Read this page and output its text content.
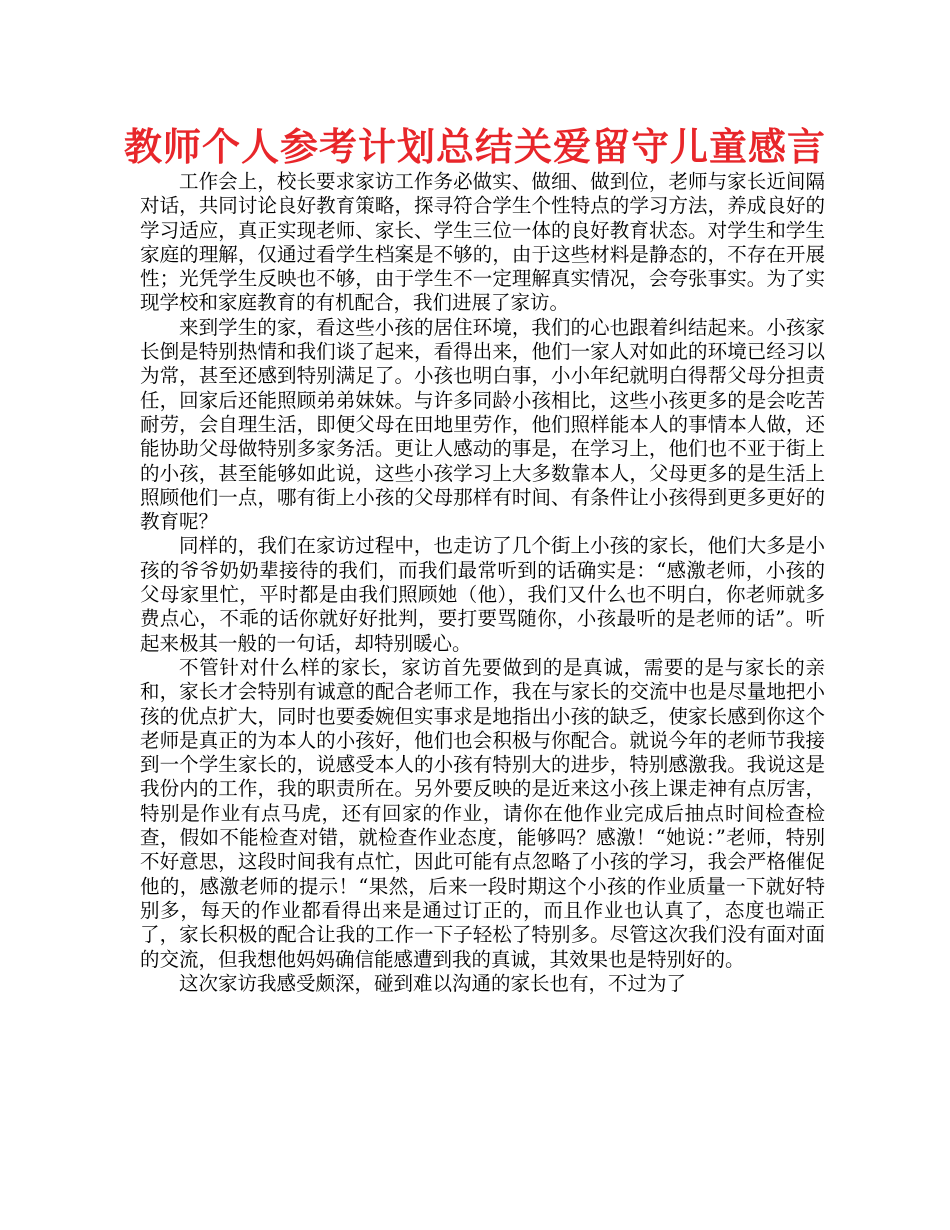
教师个人参考计划总结关爱留守儿童感言

工作会上，校长要求家访工作务必做实、做细、做到位，老师与家长近间隔对话，共同讨论良好教育策略，探寻符合学生个性特点的学习方法，养成良好的学习适应，真正实现老师、家长、学生三位一体的良好教育状态。对学生和学生家庭的理解，仅通过看学生档案是不够的，由于这些材料是静态的，不存在开展性；光凭学生反映也不够，由于学生不一定理解真实情况，会夸张事实。为了实现学校和家庭教育的有机配合，我们进展了家访。

来到学生的家，看这些小孩的居住环境，我们的心也跟着纠结起来。小孩家长倒是特别热情和我们谈了起来，看得出来，他们一家人对如此的环境已经习以为常，甚至还感到特别满足了。小孩也明白事，小小年纪就明白得帮父母分担责任，回家后还能照顾弟弟妹妹。与许多同龄小孩相比，这些小孩更多的是会吃苦耐劳，会自理生活，即便父母在田地里劳作，他们照样能本人的事情本人做，还能协助父母做特别多家务活。更让人感动的事是，在学习上，他们也不亚于街上的小孩，甚至能够如此说，这些小孩学习上大多数靠本人，父母更多的是生活上照顾他们一点，哪有街上小孩的父母那样有时间、有条件让小孩得到更多更好的教育呢？

同样的，我们在家访过程中，也走访了几个街上小孩的家长，他们大多是小孩的爷爷奶奶辈接待的我们，而我们最常听到的话确实是：“感激老师，小孩的父母家里忙，平时都是由我们照顾她（他），我们又什么也不明白，你老师就多费点心，不乖的话你就好好批判，要打要骂随你，小孩最听的是老师的话”。听起来极其一般的一句话，却特别暖心。

不管针对什么样的家长，家访首先要做到的是真诚，需要的是与家长的亲和，家长才会特别有诚意的配合老师工作，我在与家长的交流中也是尽量地把小孩的优点扩大，同时也要委婉但实事求是地指出小孩的缺乏，使家长感到你这个老师是真正的为本人的小孩好，他们也会积极与你配合。就说今年的老师节我接到一个学生家长的，说感受本人的小孩有特别大的进步，特别感激我。我说这是我份内的工作，我的职责所在。另外要反映的是近来这小孩上课走神有点厉害，特别是作业有点马虎，还有回家的作业，请你在他作业完成后抽点时间检查检查，假如不能检查对错，就检查作业态度，能够吗？感激！“她说：”老师，特别不好意思，这段时间我有点忙，因此可能有点忽略了小孩的学习，我会严格催促他的，感激老师的提示！“果然，后来一段时期这个小孩的作业质量一下就好特别多，每天的作业都看得出来是通过订正的，而且作业也认真了，态度也端正了，家长积极的配合让我的工作一下子轻松了特别多。尽管这次我们没有面对面的交流，但我想他妈妈确信能感遭到我的真诚，其效果也是特别好的。

这次家访我感受颇深，碰到难以沟通的家长也有，不过为了
